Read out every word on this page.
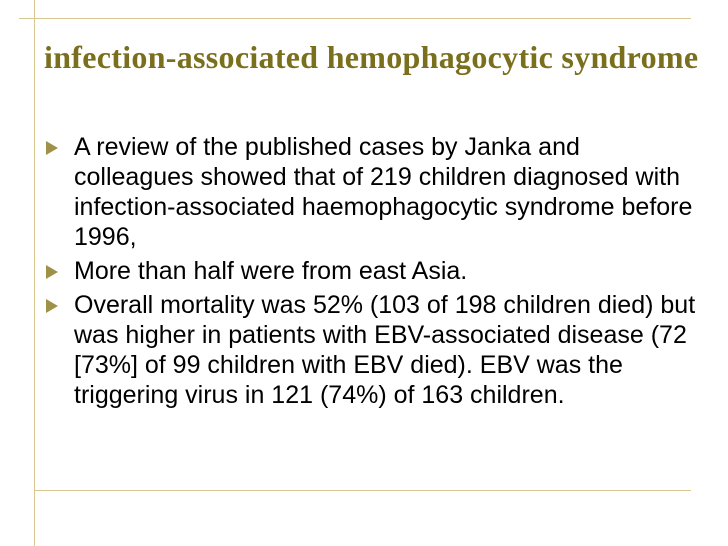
infection-associated hemophagocytic syndrome
A review of the published cases by Janka and colleagues showed that of 219 children diagnosed with infection-associated haemophagocytic syndrome before 1996,
More than half were from east Asia.
Overall mortality was 52% (103 of 198 children died) but was higher in patients with EBV-associated disease (72 [73%] of 99 children with EBV died). EBV was the triggering virus in 121 (74%) of 163 children.
